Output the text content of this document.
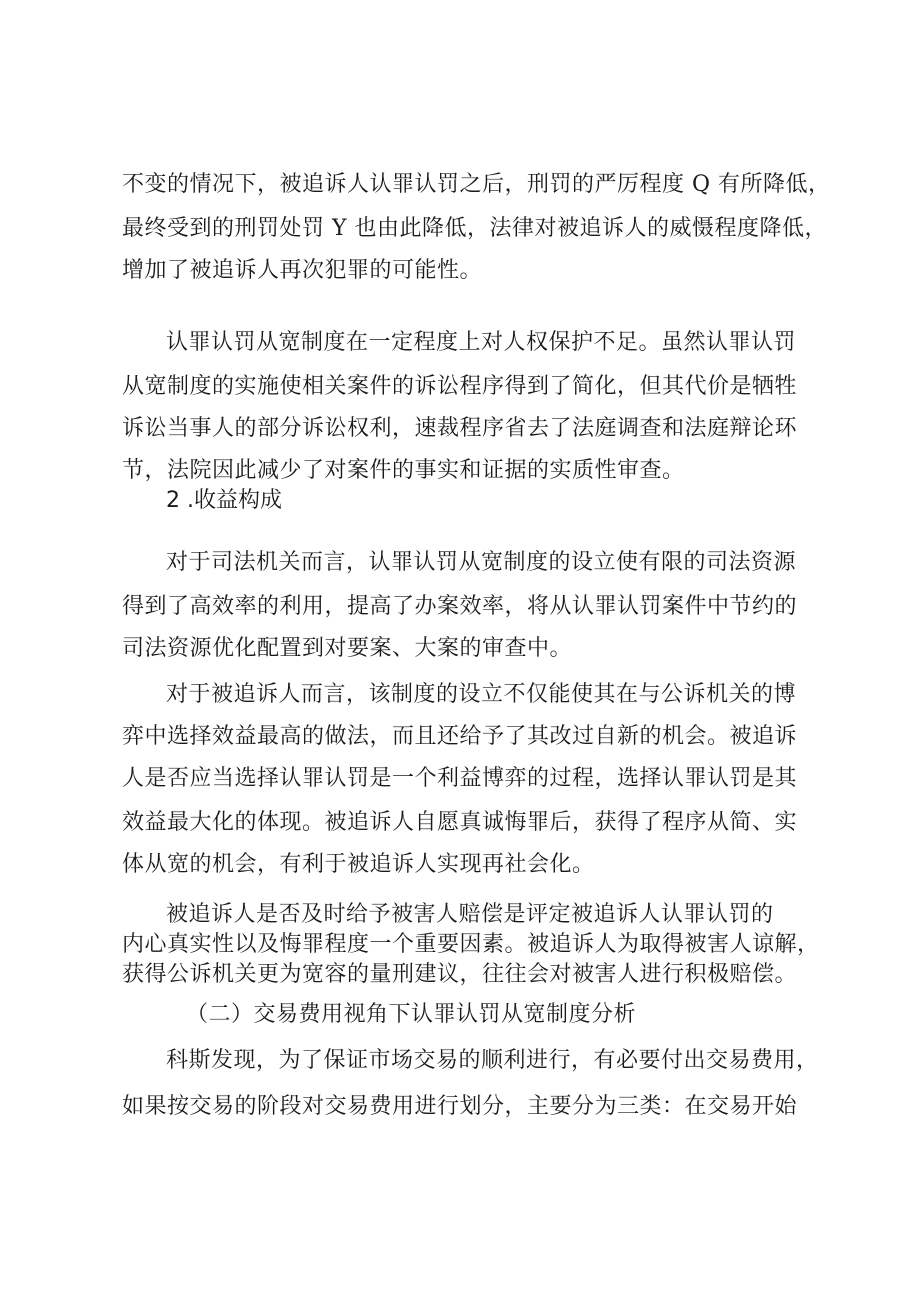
不变的情况下，被追诉人认罪认罚之后，刑罚的严厉程度 Q 有所降低，
最终受到的刑罚处罚 Y 也由此降低，法律对被追诉人的威慑程度降低，
增加了被追诉人再次犯罪的可能性。
认罪认罚从宽制度在一定程度上对人权保护不足。虽然认罪认罚
从宽制度的实施使相关案件的诉讼程序得到了简化，但其代价是牺牲
诉讼当事人的部分诉讼权利，速裁程序省去了法庭调查和法庭辩论环
节，法院因此减少了对案件的事实和证据的实质性审查。
2 .收益构成
对于司法机关而言，认罪认罚从宽制度的设立使有限的司法资源
得到了高效率的利用，提高了办案效率，将从认罪认罚案件中节约的
司法资源优化配置到对要案、大案的审查中。
对于被追诉人而言，该制度的设立不仅能使其在与公诉机关的博
弈中选择效益最高的做法，而且还给予了其改过自新的机会。被追诉
人是否应当选择认罪认罚是一个利益博弈的过程，选择认罪认罚是其
效益最大化的体现。被追诉人自愿真诚悔罪后，获得了程序从简、实
体从宽的机会，有利于被追诉人实现再社会化。
被追诉人是否及时给予被害人赔偿是评定被追诉人认罪认罚的
内心真实性以及悔罪程度一个重要因素。被追诉人为取得被害人谅解，
获得公诉机关更为宽容的量刑建议，往往会对被害人进行积极赔偿。
（二）交易费用视角下认罪认罚从宽制度分析
科斯发现，为了保证市场交易的顺利进行，有必要付出交易费用，
如果按交易的阶段对交易费用进行划分，主要分为三类：在交易开始
